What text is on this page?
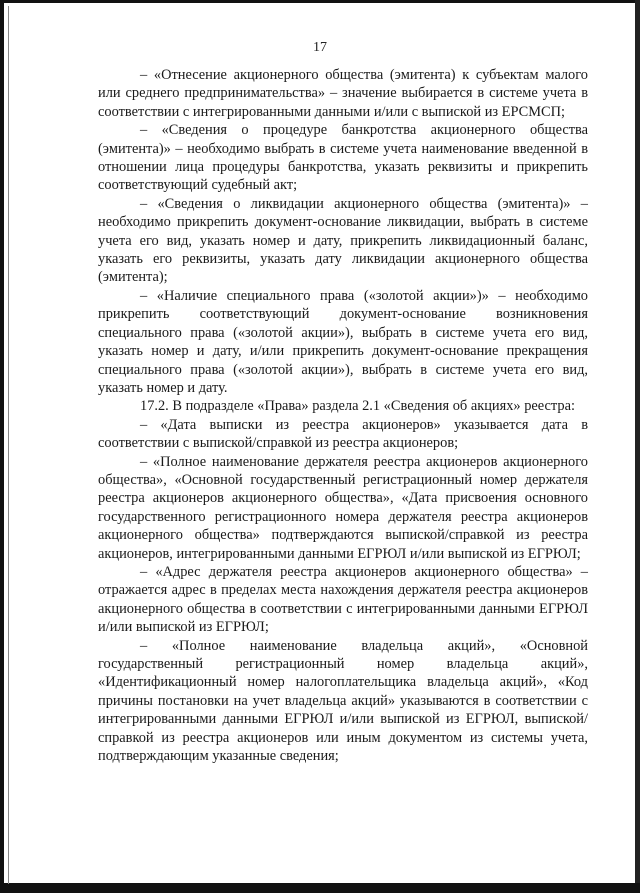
17

– «Отнесение акционерного общества (эмитента) к субъектам малого или среднего предпринимательства» – значение выбирается в системе учета в соответствии с интегрированными данными и/или с выпиской из ЕРСМСП;

– «Сведения о процедуре банкротства акционерного общества (эмитента)» – необходимо выбрать в системе учета наименование введенной в отношении лица процедуры банкротства, указать реквизиты и прикрепить соответствующий судебный акт;

– «Сведения о ликвидации акционерного общества (эмитента)» – необходимо прикрепить документ-основание ликвидации, выбрать в системе учета его вид, указать номер и дату, прикрепить ликвидационный баланс, указать его реквизиты, указать дату ликвидации акционерного общества (эмитента);

– «Наличие специального права («золотой акции»)» – необходимо прикрепить соответствующий документ-основание возникновения специального права («золотой акции»), выбрать в системе учета его вид, указать номер и дату, и/или прикрепить документ-основание прекращения специального права («золотой акции»), выбрать в системе учета его вид, указать номер и дату.

17.2. В подразделе «Права» раздела 2.1 «Сведения об акциях» реестра:

– «Дата выписки из реестра акционеров» указывается дата в соответствии с выпиской/справкой из реестра акционеров;

– «Полное наименование держателя реестра акционеров акционерного общества», «Основной государственный регистрационный номер держателя реестра акционеров акционерного общества», «Дата присвоения основного государственного регистрационного номера держателя реестра акционеров акционерного общества» подтверждаются выпиской/справкой из реестра акционеров, интегрированными данными ЕГРЮЛ и/или выпиской из ЕГРЮЛ;

– «Адрес держателя реестра акционеров акционерного общества» – отражается адрес в пределах места нахождения держателя реестра акционеров акционерного общества в соответствии с интегрированными данными ЕГРЮЛ и/или выпиской из ЕГРЮЛ;

– «Полное наименование владельца акций», «Основной государственный регистрационный номер владельца акций», «Идентификационный номер налогоплательщика владельца акций», «Код причины постановки на учет владельца акций» указываются в соответствии с интегрированными данными ЕГРЮЛ и/или выпиской из ЕГРЮЛ, выпиской/справкой из реестра акционеров или иным документом из системы учета, подтверждающим указанные сведения;
